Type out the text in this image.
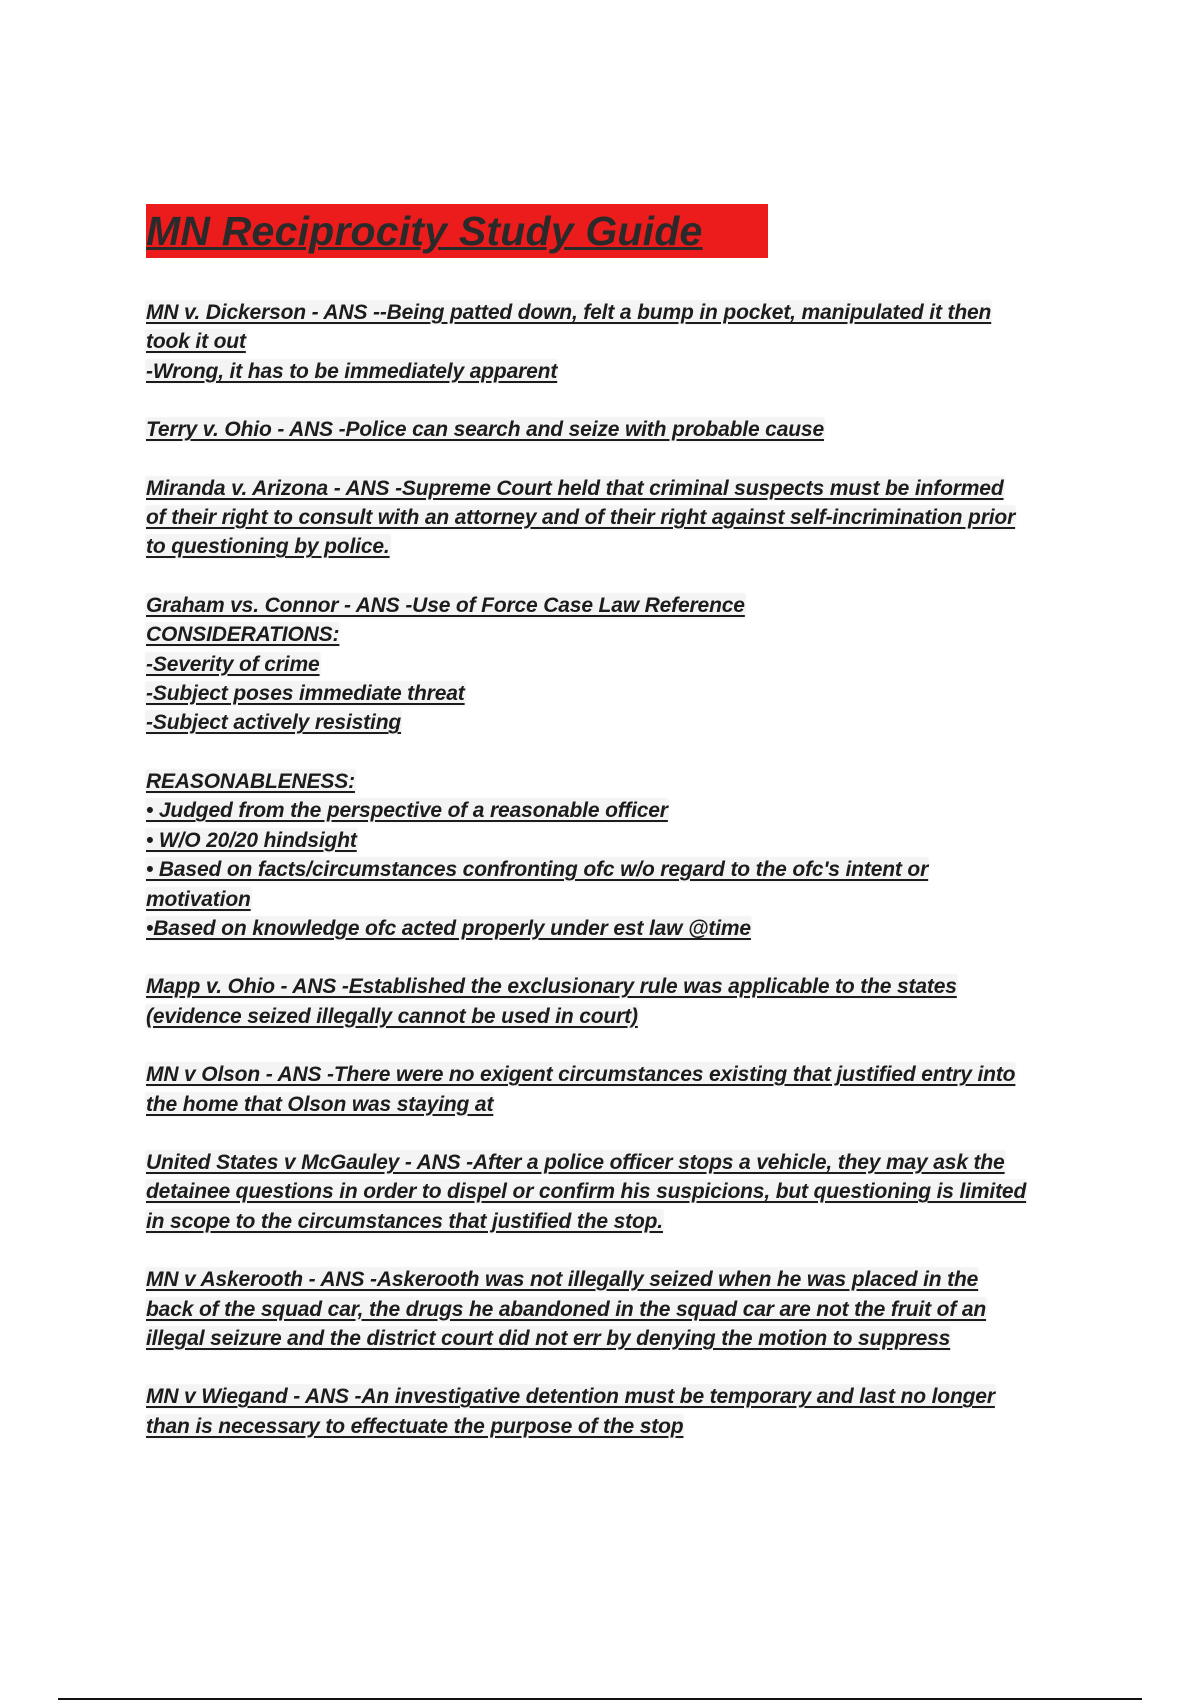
MN Reciprocity Study Guide
MN v. Dickerson - ANS --Being patted down, felt a bump in pocket, manipulated it then
took it out
-Wrong, it has to be immediately apparent
Terry v. Ohio - ANS -Police can search and seize with probable cause
Miranda v. Arizona - ANS -Supreme Court held that criminal suspects must be informed
of their right to consult with an attorney and of their right against self-incrimination prior
to questioning by police.
Graham vs. Connor - ANS -Use of Force Case Law Reference
CONSIDERATIONS:
-Severity of crime
-Subject poses immediate threat
-Subject actively resisting
REASONABLENESS:
• Judged from the perspective of a reasonable officer
• W/O 20/20 hindsight
• Based on facts/circumstances confronting ofc w/o regard to the ofc's intent or
motivation
•Based on knowledge ofc acted properly under est law @time
Mapp v. Ohio - ANS -Established the exclusionary rule was applicable to the states
(evidence seized illegally cannot be used in court)
MN v Olson - ANS -There were no exigent circumstances existing that justified entry into
the home that Olson was staying at
United States v McGauley - ANS -After a police officer stops a vehicle, they may ask the
detainee questions in order to dispel or confirm his suspicions, but questioning is limited
in scope to the circumstances that justified the stop.
MN v Askerooth - ANS -Askerooth was not illegally seized when he was placed in the
back of the squad car, the drugs he abandoned in the squad car are not the fruit of an
illegal seizure and the district court did not err by denying the motion to suppress
MN v Wiegand - ANS -An investigative detention must be temporary and last no longer
than is necessary to effectuate the purpose of the stop
